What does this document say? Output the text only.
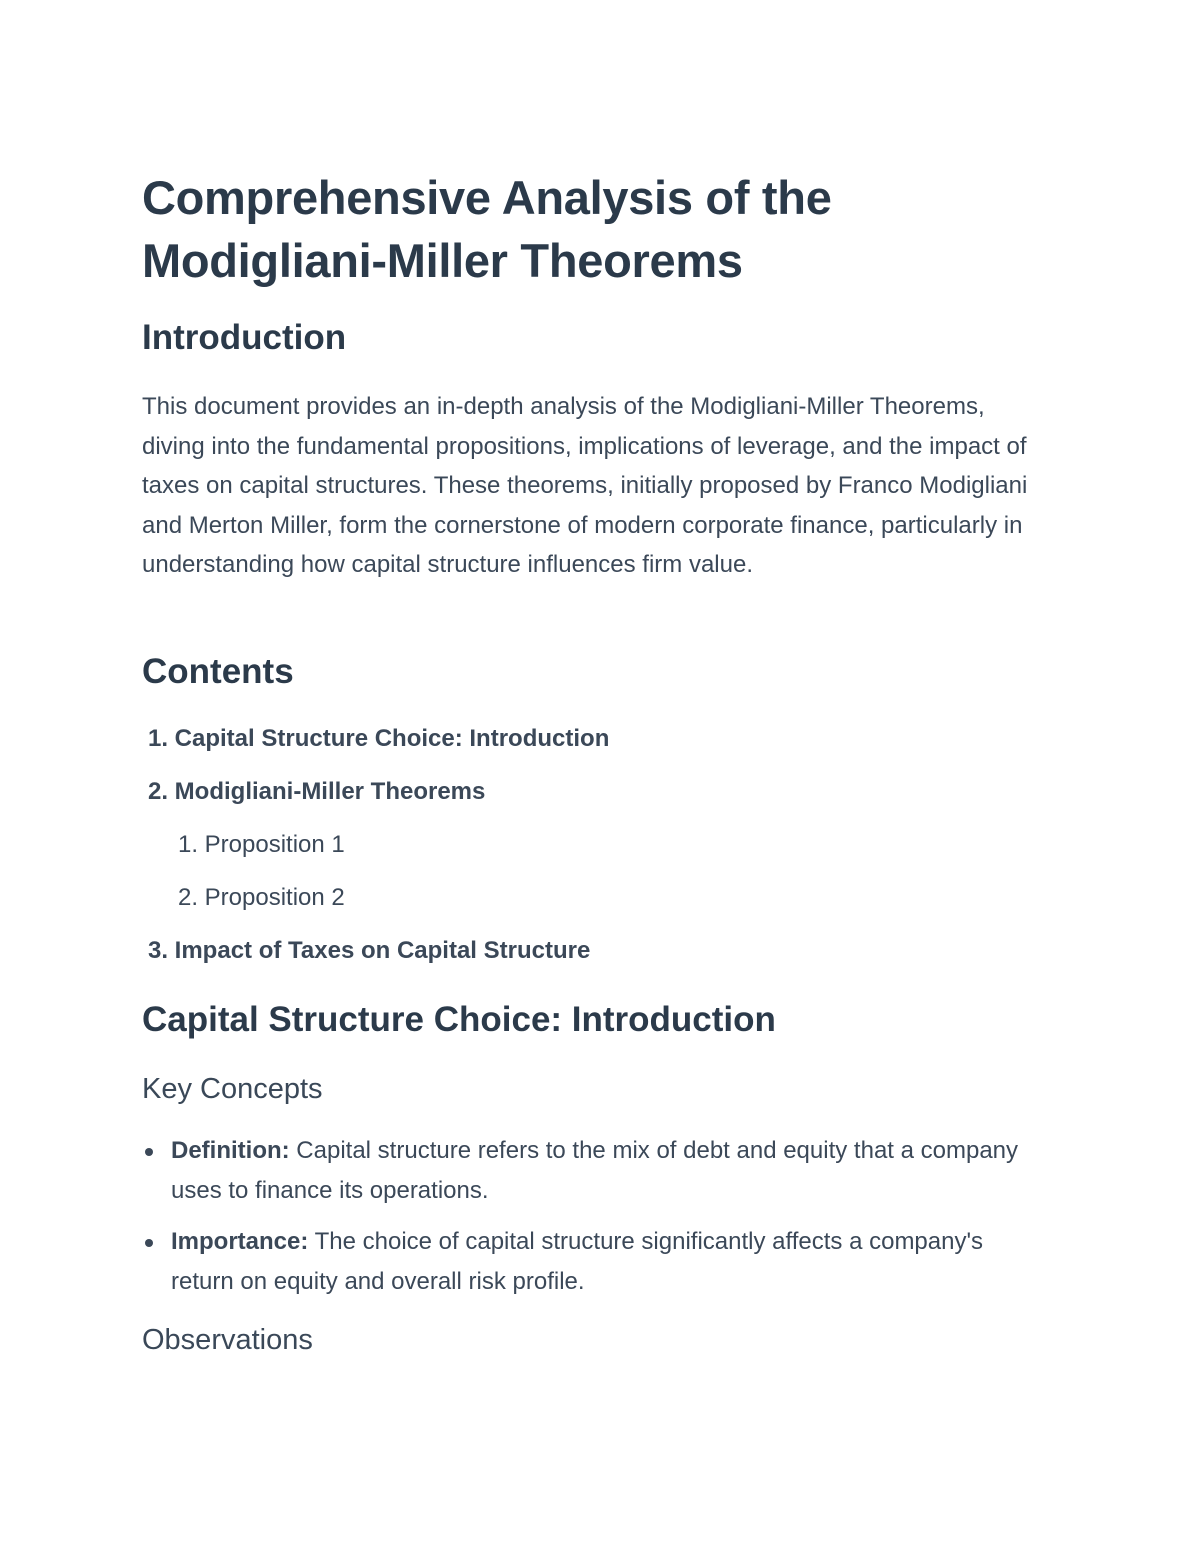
Comprehensive Analysis of the
Modigliani-Miller Theorems
Introduction

This document provides an in-depth analysis of the Modigliani-Miller Theorems, diving into the fundamental propositions, implications of leverage, and the impact of taxes on capital structures. These theorems, initially proposed by Franco Modigliani and Merton Miller, form the cornerstone of modern corporate finance, particularly in understanding how capital structure influences firm value.

Contents
1. Capital Structure Choice: Introduction
2. Modigliani-Miller Theorems
1. Proposition 1
2. Proposition 2
3. Impact of Taxes on Capital Structure
Capital Structure Choice: Introduction
Key Concepts
Definition: Capital structure refers to the mix of debt and equity that a company uses to finance its operations.
Importance: The choice of capital structure significantly affects a company's return on equity and overall risk profile.
Observations
